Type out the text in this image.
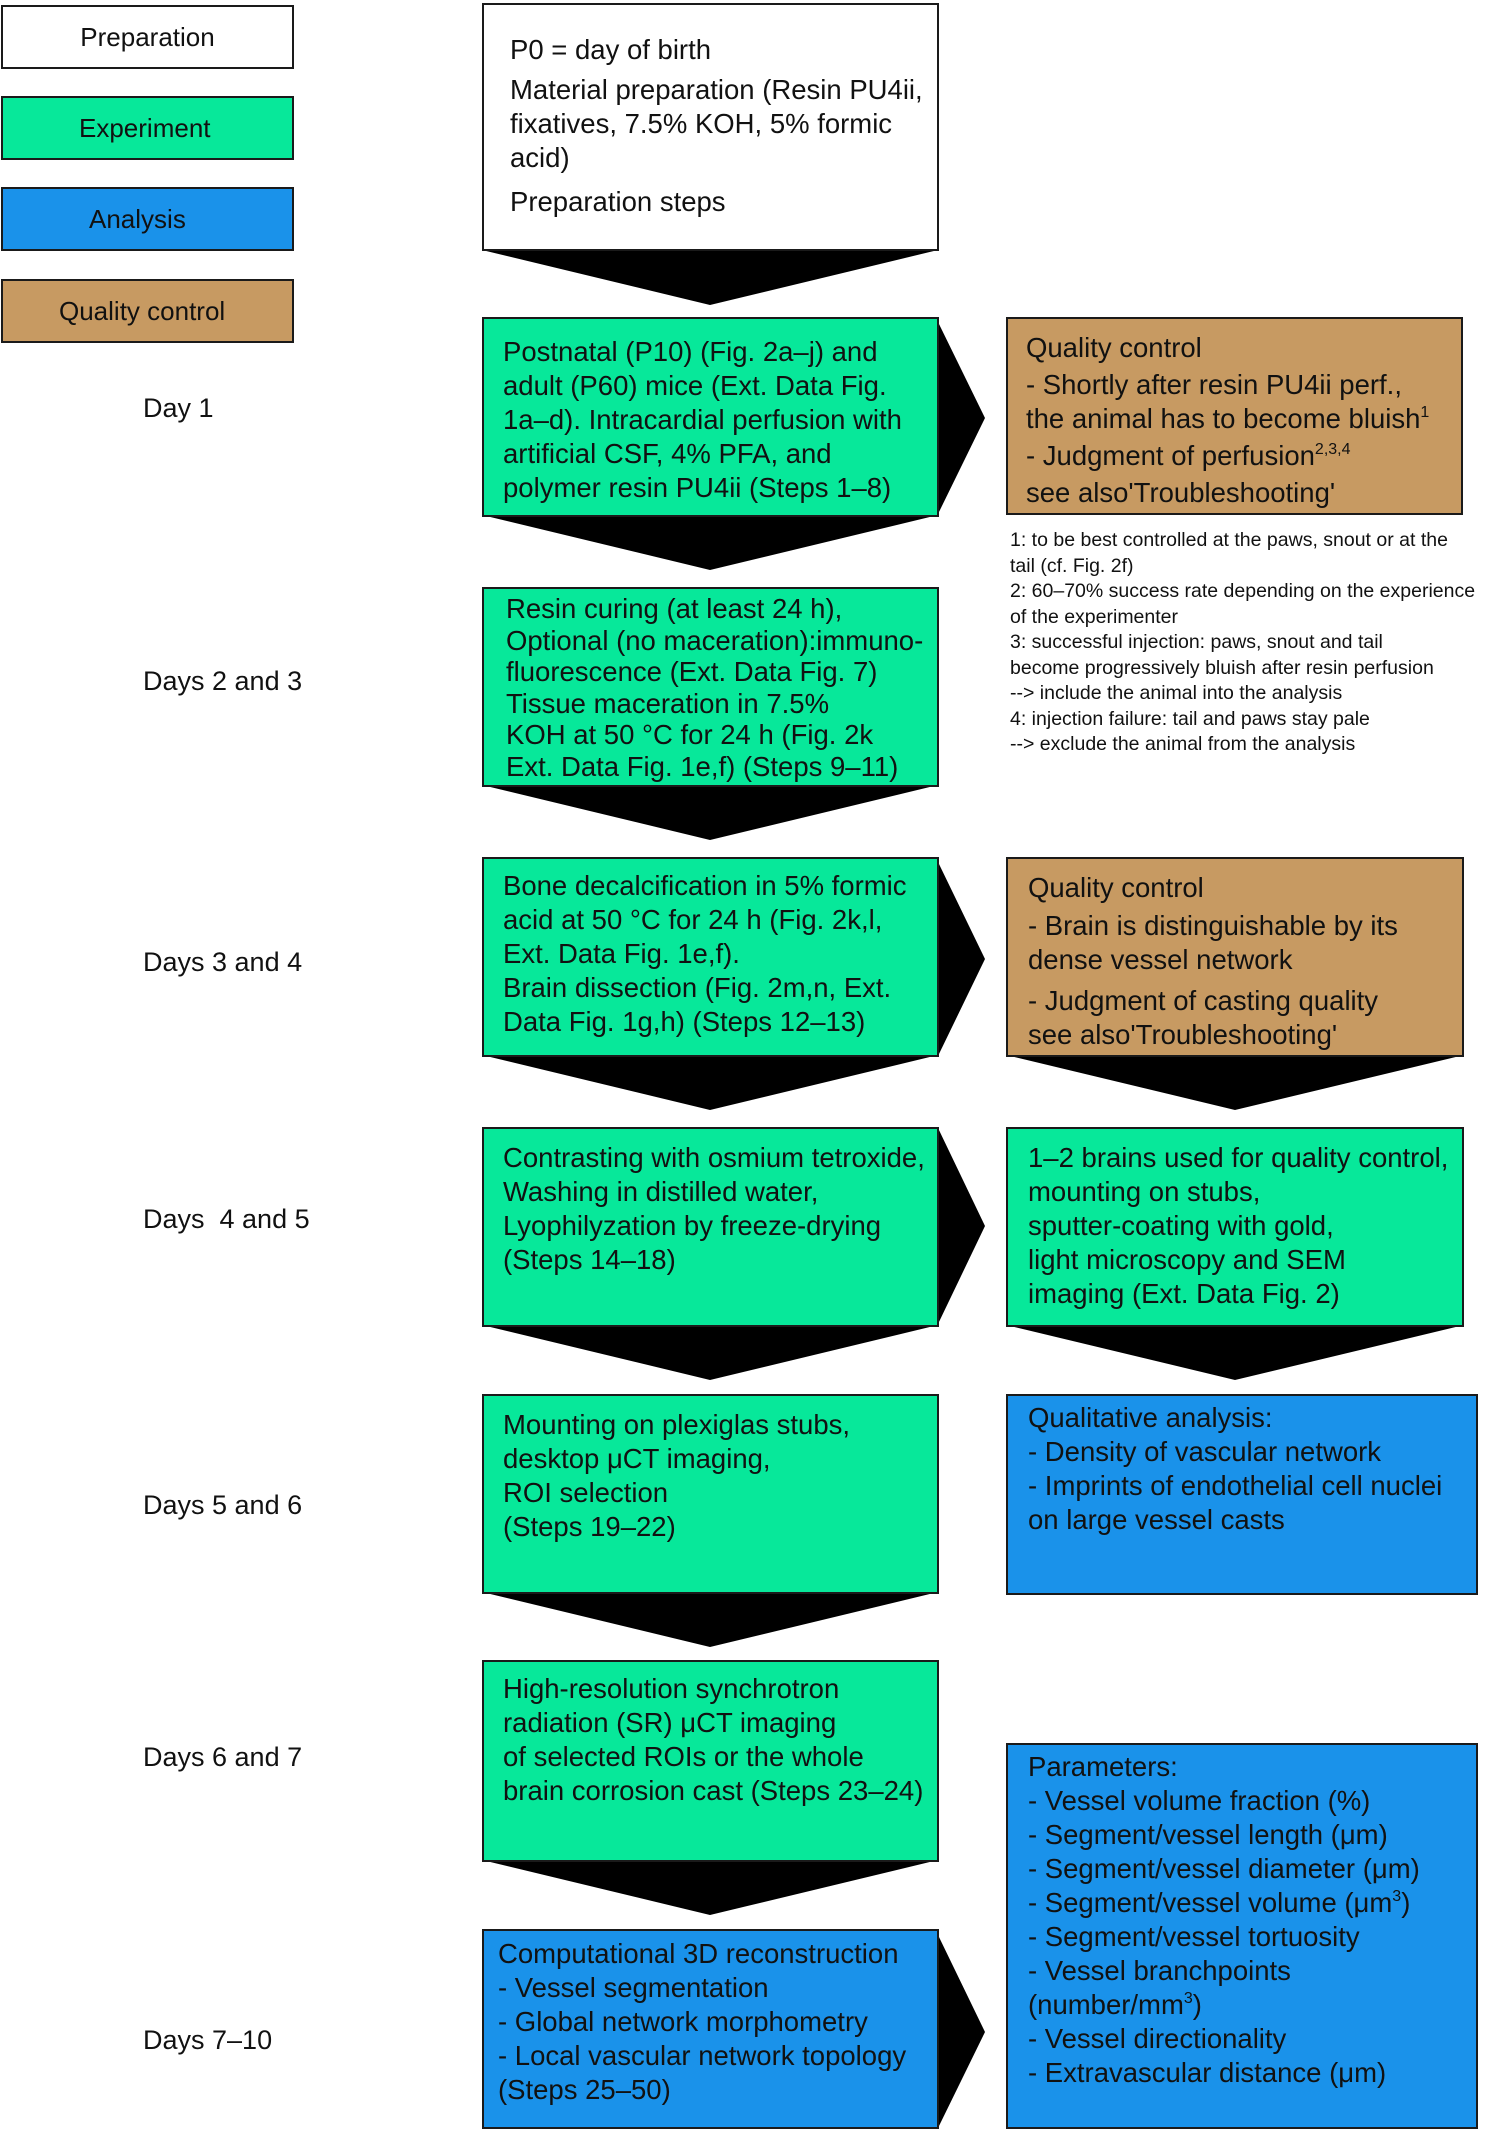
Preparation
Experiment
Analysis
Quality control
Day 1
Days 2 and 3
Days 3 and 4
Days  4 and 5
Days 5 and 6
Days 6 and 7
Days 7–10
P0 = day of birth
Material preparation (Resin PU4ii,
fixatives, 7.5% KOH, 5% formic
acid)
Preparation steps
Postnatal (P10) (Fig. 2a–j) and
adult (P60) mice (Ext. Data Fig.
1a–d). Intracardial perfusion with
artificial CSF, 4% PFA, and
polymer resin PU4ii (Steps 1–8)
Quality control
- Shortly after resin PU4ii perf.,
the animal has to become bluish$^1$
- Judgment of perfusion$^{2,3,4}$
see also'Troubleshooting'
1: to be best controlled at the paws, snout or at the
tail (cf. Fig. 2f)
2: 60–70% success rate depending on the experience
of the experimenter
3: successful injection: paws, snout and tail
become progressively bluish after resin perfusion
--> include the animal into the analysis
4: injection failure: tail and paws stay pale
--> exclude the animal from the analysis
Resin curing (at least 24 h),
Optional (no maceration):immuno-
fluorescence (Ext. Data Fig. 7)
Tissue maceration in 7.5%
KOH at 50 °C for 24 h (Fig. 2k
Ext. Data Fig. 1e,f) (Steps 9–11)
Bone decalcification in 5% formic
acid at 50 °C for 24 h (Fig. 2k,l,
Ext. Data Fig. 1e,f).
Brain dissection (Fig. 2m,n, Ext.
Data Fig. 1g,h) (Steps 12–13)
Quality control
- Brain is distinguishable by its
dense vessel network
- Judgment of casting quality
see also'Troubleshooting'
Contrasting with osmium tetroxide,
Washing in distilled water,
Lyophilyzation by freeze-drying
(Steps 14–18)
1–2 brains used for quality control,
mounting on stubs,
sputter-coating with gold,
light microscopy and SEM
imaging (Ext. Data Fig. 2)
Mounting on plexiglas stubs,
desktop μCT imaging,
ROI selection
(Steps 19–22)
Qualitative analysis:
- Density of vascular network
- Imprints of endothelial cell nuclei
on large vessel casts
High-resolution synchrotron
radiation (SR) μCT imaging
of selected ROIs or the whole
brain corrosion cast (Steps 23–24)
Parameters:
- Vessel volume fraction (%)
- Segment/vessel length (μm)
- Segment/vessel diameter (μm)
- Segment/vessel volume $(\mu m^3)$
- Segment/vessel tortuosity
- Vessel branchpoints
$(number/mm^3)$
- Vessel directionality
- Extravascular distance (μm)
Computational 3D reconstruction
- Vessel segmentation
- Global network morphometry
- Local vascular network topology
(Steps 25–50)
